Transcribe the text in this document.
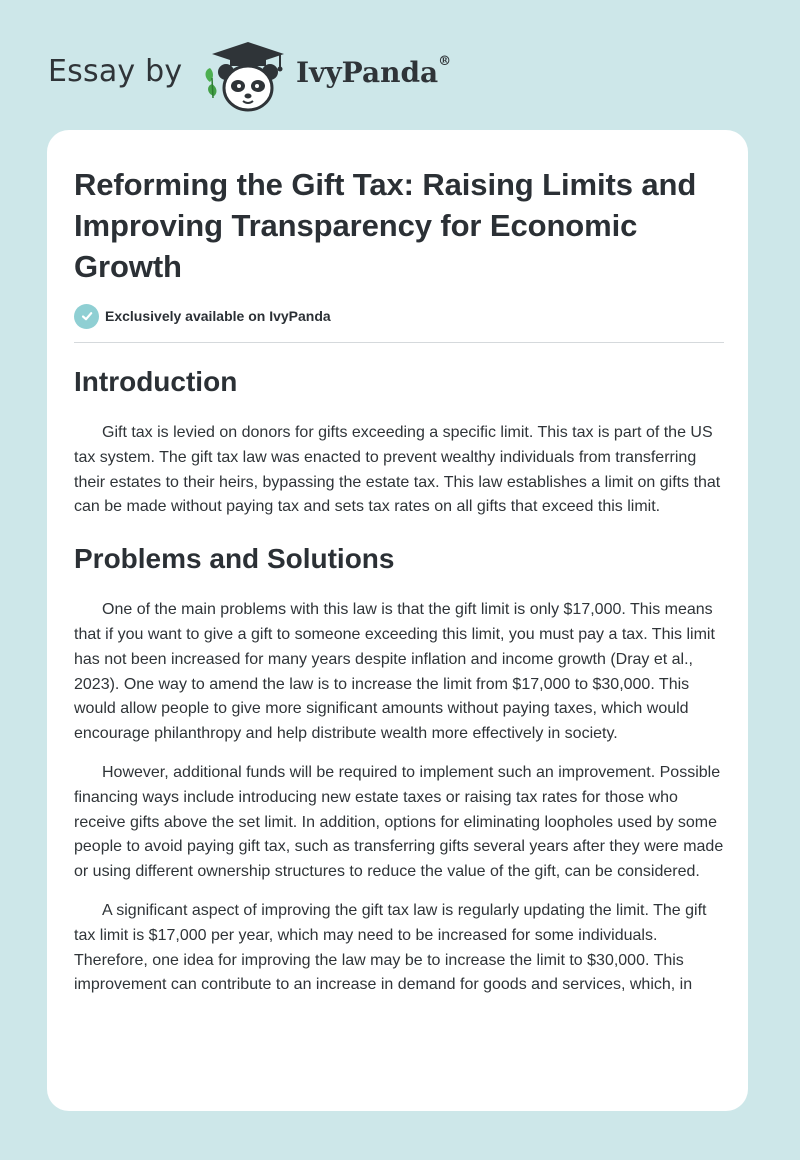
Essay by	IvyPanda®
Reforming the Gift Tax: Raising Limits and Improving Transparency for Economic Growth
Exclusively available on IvyPanda
Introduction

Gift tax is levied on donors for gifts exceeding a specific limit. This tax is part of the US tax system. The gift tax law was enacted to prevent wealthy individuals from transferring their estates to their heirs, bypassing the estate tax. This law establishes a limit on gifts that can be made without paying tax and sets tax rates on all gifts that exceed this limit.

Problems and Solutions

One of the main problems with this law is that the gift limit is only $17,000. This means that if you want to give a gift to someone exceeding this limit, you must pay a tax. This limit has not been increased for many years despite inflation and income growth (Dray et al., 2023). One way to amend the law is to increase the limit from $17,000 to $30,000. This would allow people to give more significant amounts without paying taxes, which would encourage philanthropy and help distribute wealth more effectively in society.

However, additional funds will be required to implement such an improvement. Possible financing ways include introducing new estate taxes or raising tax rates for those who receive gifts above the set limit. In addition, options for eliminating loopholes used by some people to avoid paying gift tax, such as transferring gifts several years after they were made or using different ownership structures to reduce the value of the gift, can be considered.

A significant aspect of improving the gift tax law is regularly updating the limit. The gift tax limit is $17,000 per year, which may need to be increased for some individuals. Therefore, one idea for improving the law may be to increase the limit to $30,000. This improvement can contribute to an increase in demand for goods and services, which, in
